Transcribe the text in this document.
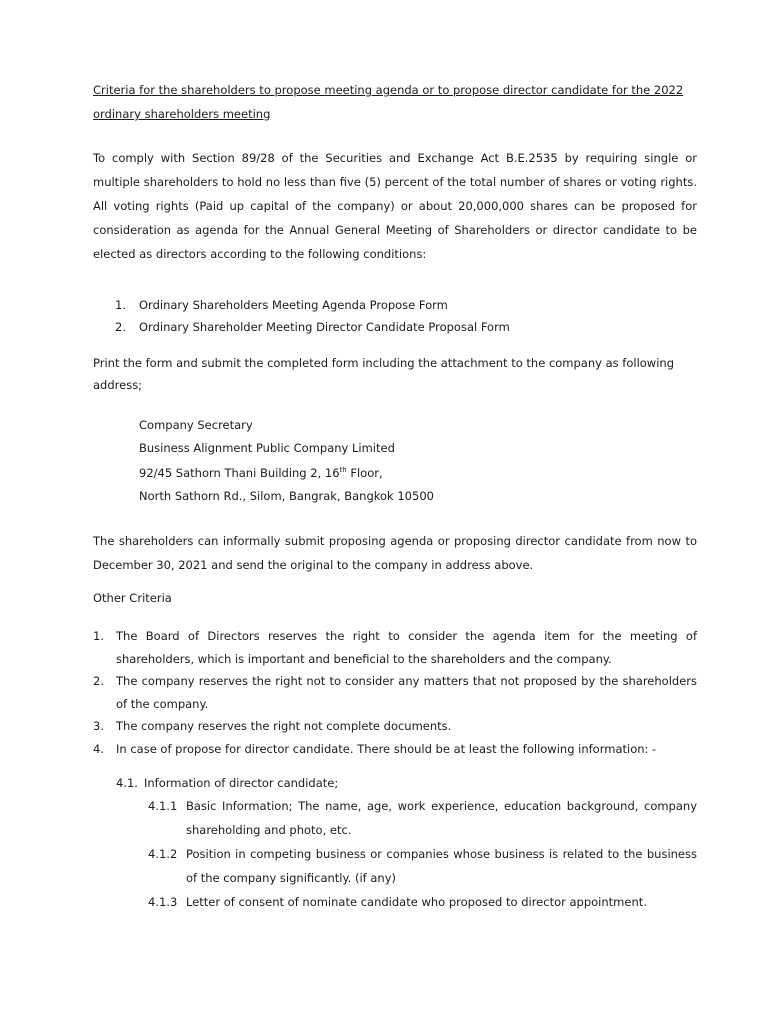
Criteria for the shareholders to propose meeting agenda or to propose director candidate for the 2022 ordinary shareholders meeting

To comply with Section 89/28 of the Securities and Exchange Act B.E.2535 by requiring single or multiple shareholders to hold no less than five (5) percent of the total number of shares or voting rights. All voting rights (Paid up capital of the company) or about 20,000,000 shares can be proposed for consideration as agenda for the Annual General Meeting of Shareholders or director candidate to be elected as directors according to the following conditions:
1. Ordinary Shareholders Meeting Agenda Propose Form
2. Ordinary Shareholder Meeting Director Candidate Proposal Form
Print the form and submit the completed form including the attachment to the company as following address;
Company Secretary
Business Alignment Public Company Limited
92/45 Sathorn Thani Building 2, 16th Floor,
North Sathorn Rd., Silom, Bangrak, Bangkok 10500
The shareholders can informally submit proposing agenda or proposing director candidate from now to December 30, 2021 and send the original to the company in address above.
Other Criteria
1. The Board of Directors reserves the right to consider the agenda item for the meeting of shareholders, which is important and beneficial to the shareholders and the company.
2. The company reserves the right not to consider any matters that not proposed by the shareholders of the company.
3. The company reserves the right not complete documents.
4. In case of propose for director candidate. There should be at least the following information: -
4.1. Information of director candidate;
4.1.1 Basic Information; The name, age, work experience, education background, company shareholding and photo, etc.
4.1.2 Position in competing business or companies whose business is related to the business of the company significantly. (if any)
4.1.3 Letter of consent of nominate candidate who proposed to director appointment.
